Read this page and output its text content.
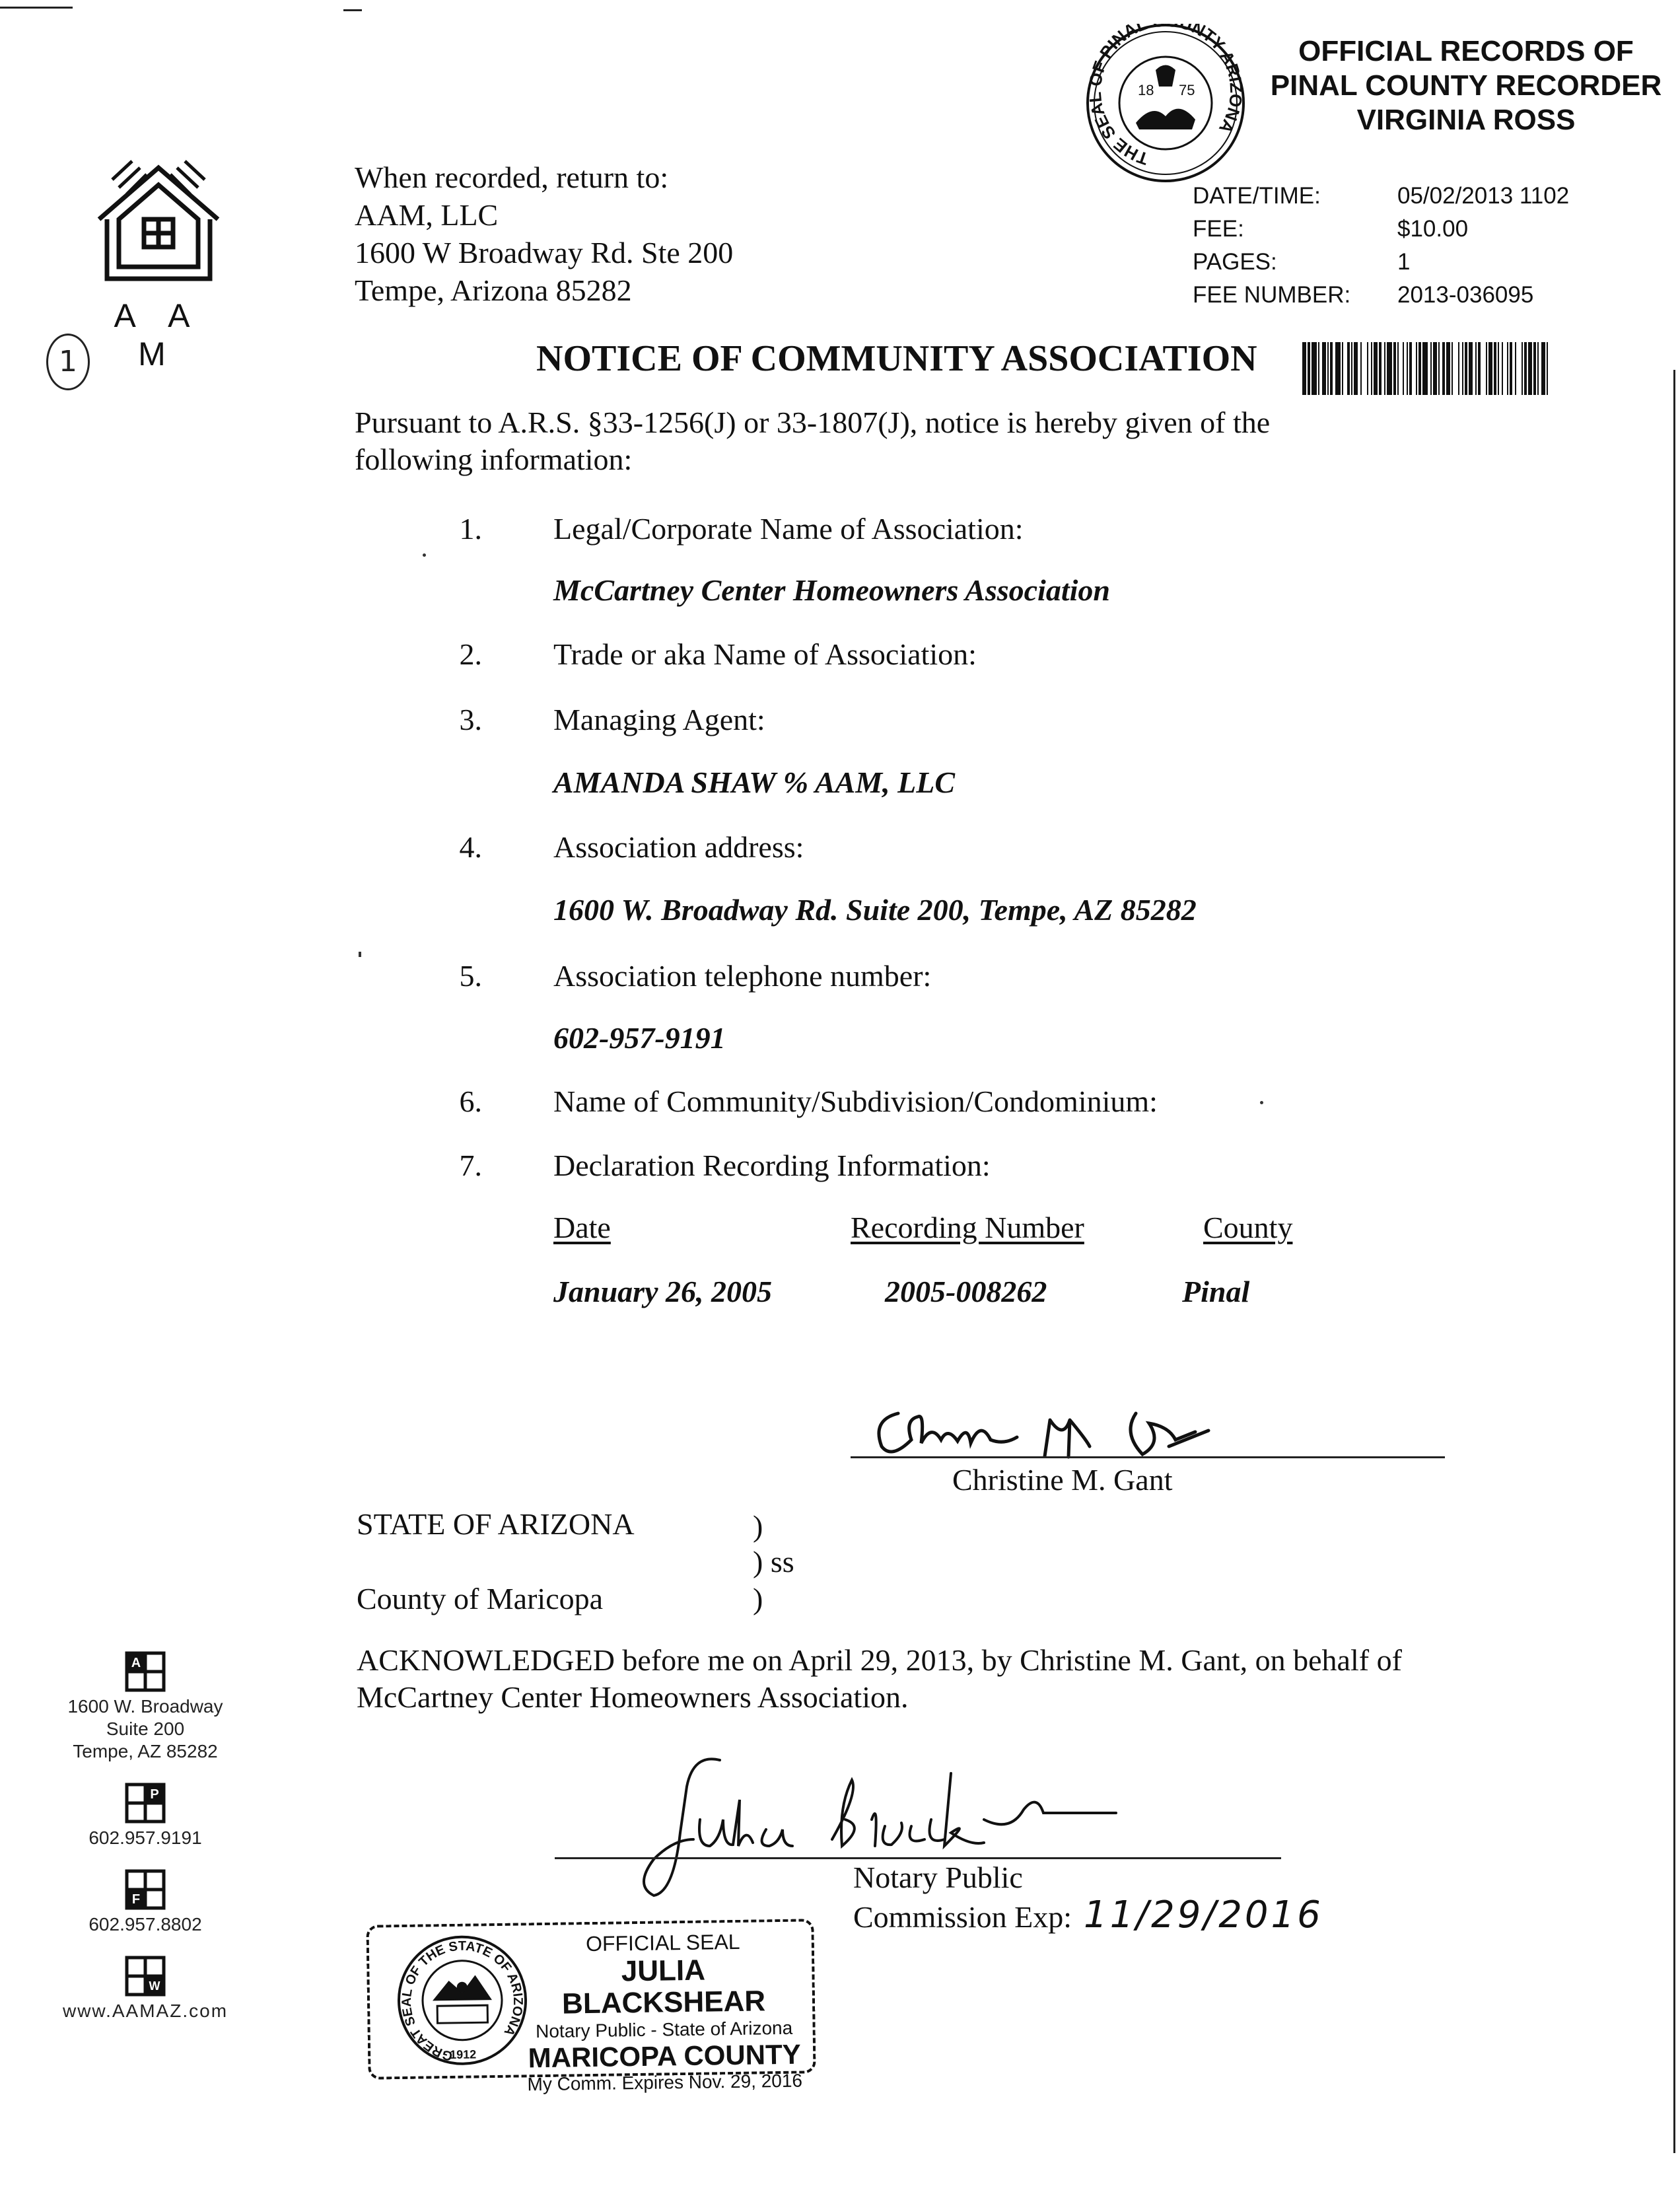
1
A A M
When recorded, return to:
AAM, LLC
1600 W Broadway Rd. Ste 200
Tempe, Arizona 85282
THE SEAL OF PINAL NTY ARIZONA
18 75
OFFICIAL RECORDS OF
PINAL COUNTY RECORDER
VIRGINIA ROSS
DATE/TIME:	05/02/2013 1102
FEE:	$10.00
PAGES:	1
FEE NUMBER:	2013-036095
NOTICE OF COMMUNITY ASSOCIATION
Pursuant to A.R.S. §33-1256(J) or 33-1807(J), notice is hereby given of the
following information:
1. Legal/Corporate Name of Association:
McCartney Center Homeowners Association
2. Trade or aka Name of Association:
3. Managing Agent:
AMANDA SHAW % AAM, LLC
4. Association address:
1600 W. Broadway Rd. Suite 200, Tempe, AZ 85282
5. Association telephone number:
602-957-9191
6. Name of Community/Subdivision/Condominium:
7. Declaration Recording Information:
Date	Recording Number	County
January 26, 2005	2005-008262	Pinal
Christine M. Gant
STATE OF ARIZONA	)
) ss
County of Maricopa	)
ACKNOWLEDGED before me on April 29, 2013, by Christine M. Gant, on behalf of
McCartney Center Homeowners Association.
Notary Public
Commission Exp: 11/29/2016
GREAT SEAL OF THE STATE OF ARIZONA
1912
OFFICIAL SEAL
JULIA BLACKSHEAR
Notary Public - State of Arizona
MARICOPA COUNTY
My Comm. Expires Nov. 29, 2016
A
1600 W. Broadway
Suite 200
Tempe, AZ 85282
P
602.957.9191
F
602.957.8802
W
www.AAMAZ.com
